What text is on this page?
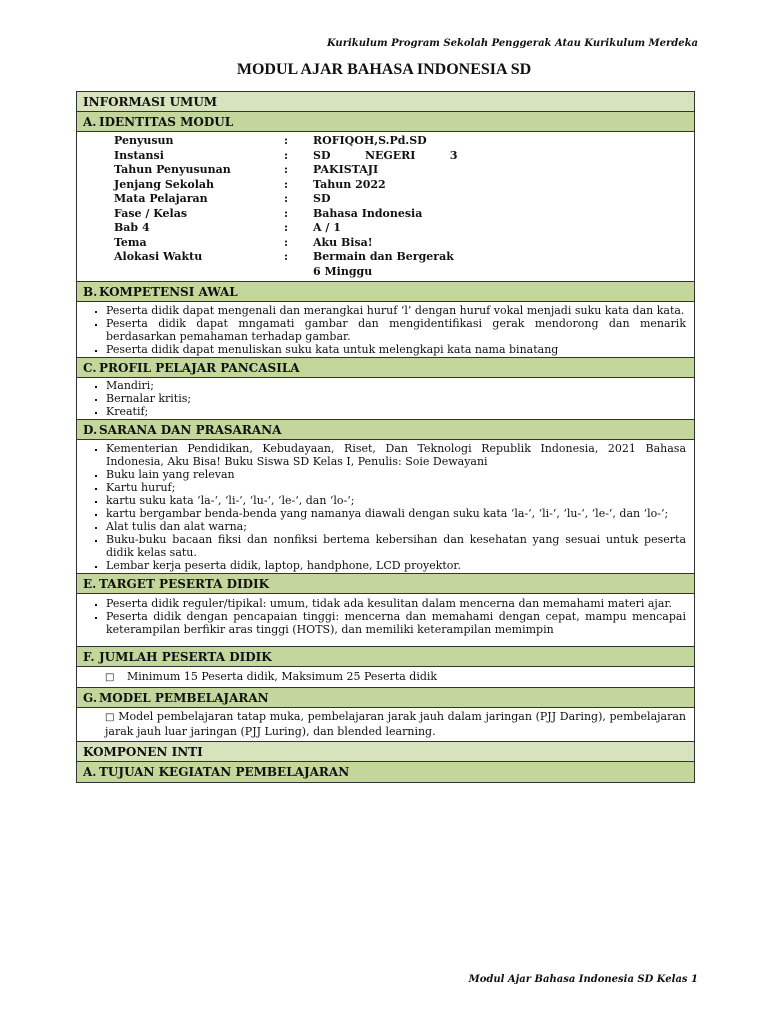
Kurikulum Program Sekolah Penggerak Atau Kurikulum Merdeka
MODUL AJAR BAHASA INDONESIA SD
INFORMASI UMUM
A. IDENTITAS MODUL
Penyusun	:	ROFIQOH,S.Pd.SD
Instansi	:	SD         NEGERI         3
Tahun Penyusunan	:	PAKISTAJI
Jenjang Sekolah	:	Tahun 2022
Mata Pelajaran	:	SD
Fase / Kelas	:	Bahasa Indonesia
Bab 4	:	A / 1
Tema	:	Aku Bisa!
Alokasi Waktu	:	Bermain dan Bergerak
		6 Minggu
B. KOMPETENSI AWAL
▪ Peserta didik dapat mengenali dan merangkai huruf ‘l’ dengan huruf vokal menjadi suku kata dan kata.
▪ Peserta didik dapat mngamati gambar dan mengidentifikasi gerak mendorong dan menarik berdasarkan pemahaman terhadap gambar.
▪ Peserta didik dapat menuliskan suku kata untuk melengkapi kata nama binatang
C. PROFIL PELAJAR PANCASILA
▪ Mandiri;
▪ Bernalar kritis;
▪ Kreatif;
D. SARANA DAN PRASARANA
▪ Kementerian Pendidikan, Kebudayaan, Riset, Dan Teknologi Republik Indonesia, 2021 Bahasa Indonesia, Aku Bisa! Buku Siswa SD Kelas I, Penulis: Soie Dewayani
▪ Buku lain yang relevan
▪ Kartu huruf;
▪ kartu suku kata ‘la-‘, ‘li-‘, ‘lu-‘, ‘le-‘, dan ‘lo-‘;
▪ kartu bergambar benda-benda yang namanya diawali dengan suku kata ‘la-‘, ‘li-‘, ‘lu-‘, ‘le-‘, dan ‘lo-‘;
▪ Alat tulis dan alat warna;
▪ Buku-buku bacaan fiksi dan nonfiksi bertema kebersihan dan kesehatan yang sesuai untuk peserta didik kelas satu.
▪ Lembar kerja peserta didik, laptop, handphone, LCD proyektor.
E. TARGET PESERTA DIDIK
▪ Peserta didik reguler/tipikal: umum, tidak ada kesulitan dalam mencerna dan memahami materi ajar.
▪ Peserta didik dengan pencapaian tinggi: mencerna dan memahami dengan cepat, mampu mencapai keterampilan berfikir aras tinggi (HOTS), dan memiliki keterampilan memimpin
F. JUMLAH PESERTA DIDIK
□ Minimum 15 Peserta didik, Maksimum 25 Peserta didik
G. MODEL PEMBELAJARAN
□ Model pembelajaran tatap muka, pembelajaran jarak jauh dalam jaringan (PJJ Daring), pembelajaran jarak jauh luar jaringan (PJJ Luring), dan blended learning.
KOMPONEN INTI
A. TUJUAN KEGIATAN PEMBELAJARAN
Modul Ajar Bahasa Indonesia SD Kelas 1
